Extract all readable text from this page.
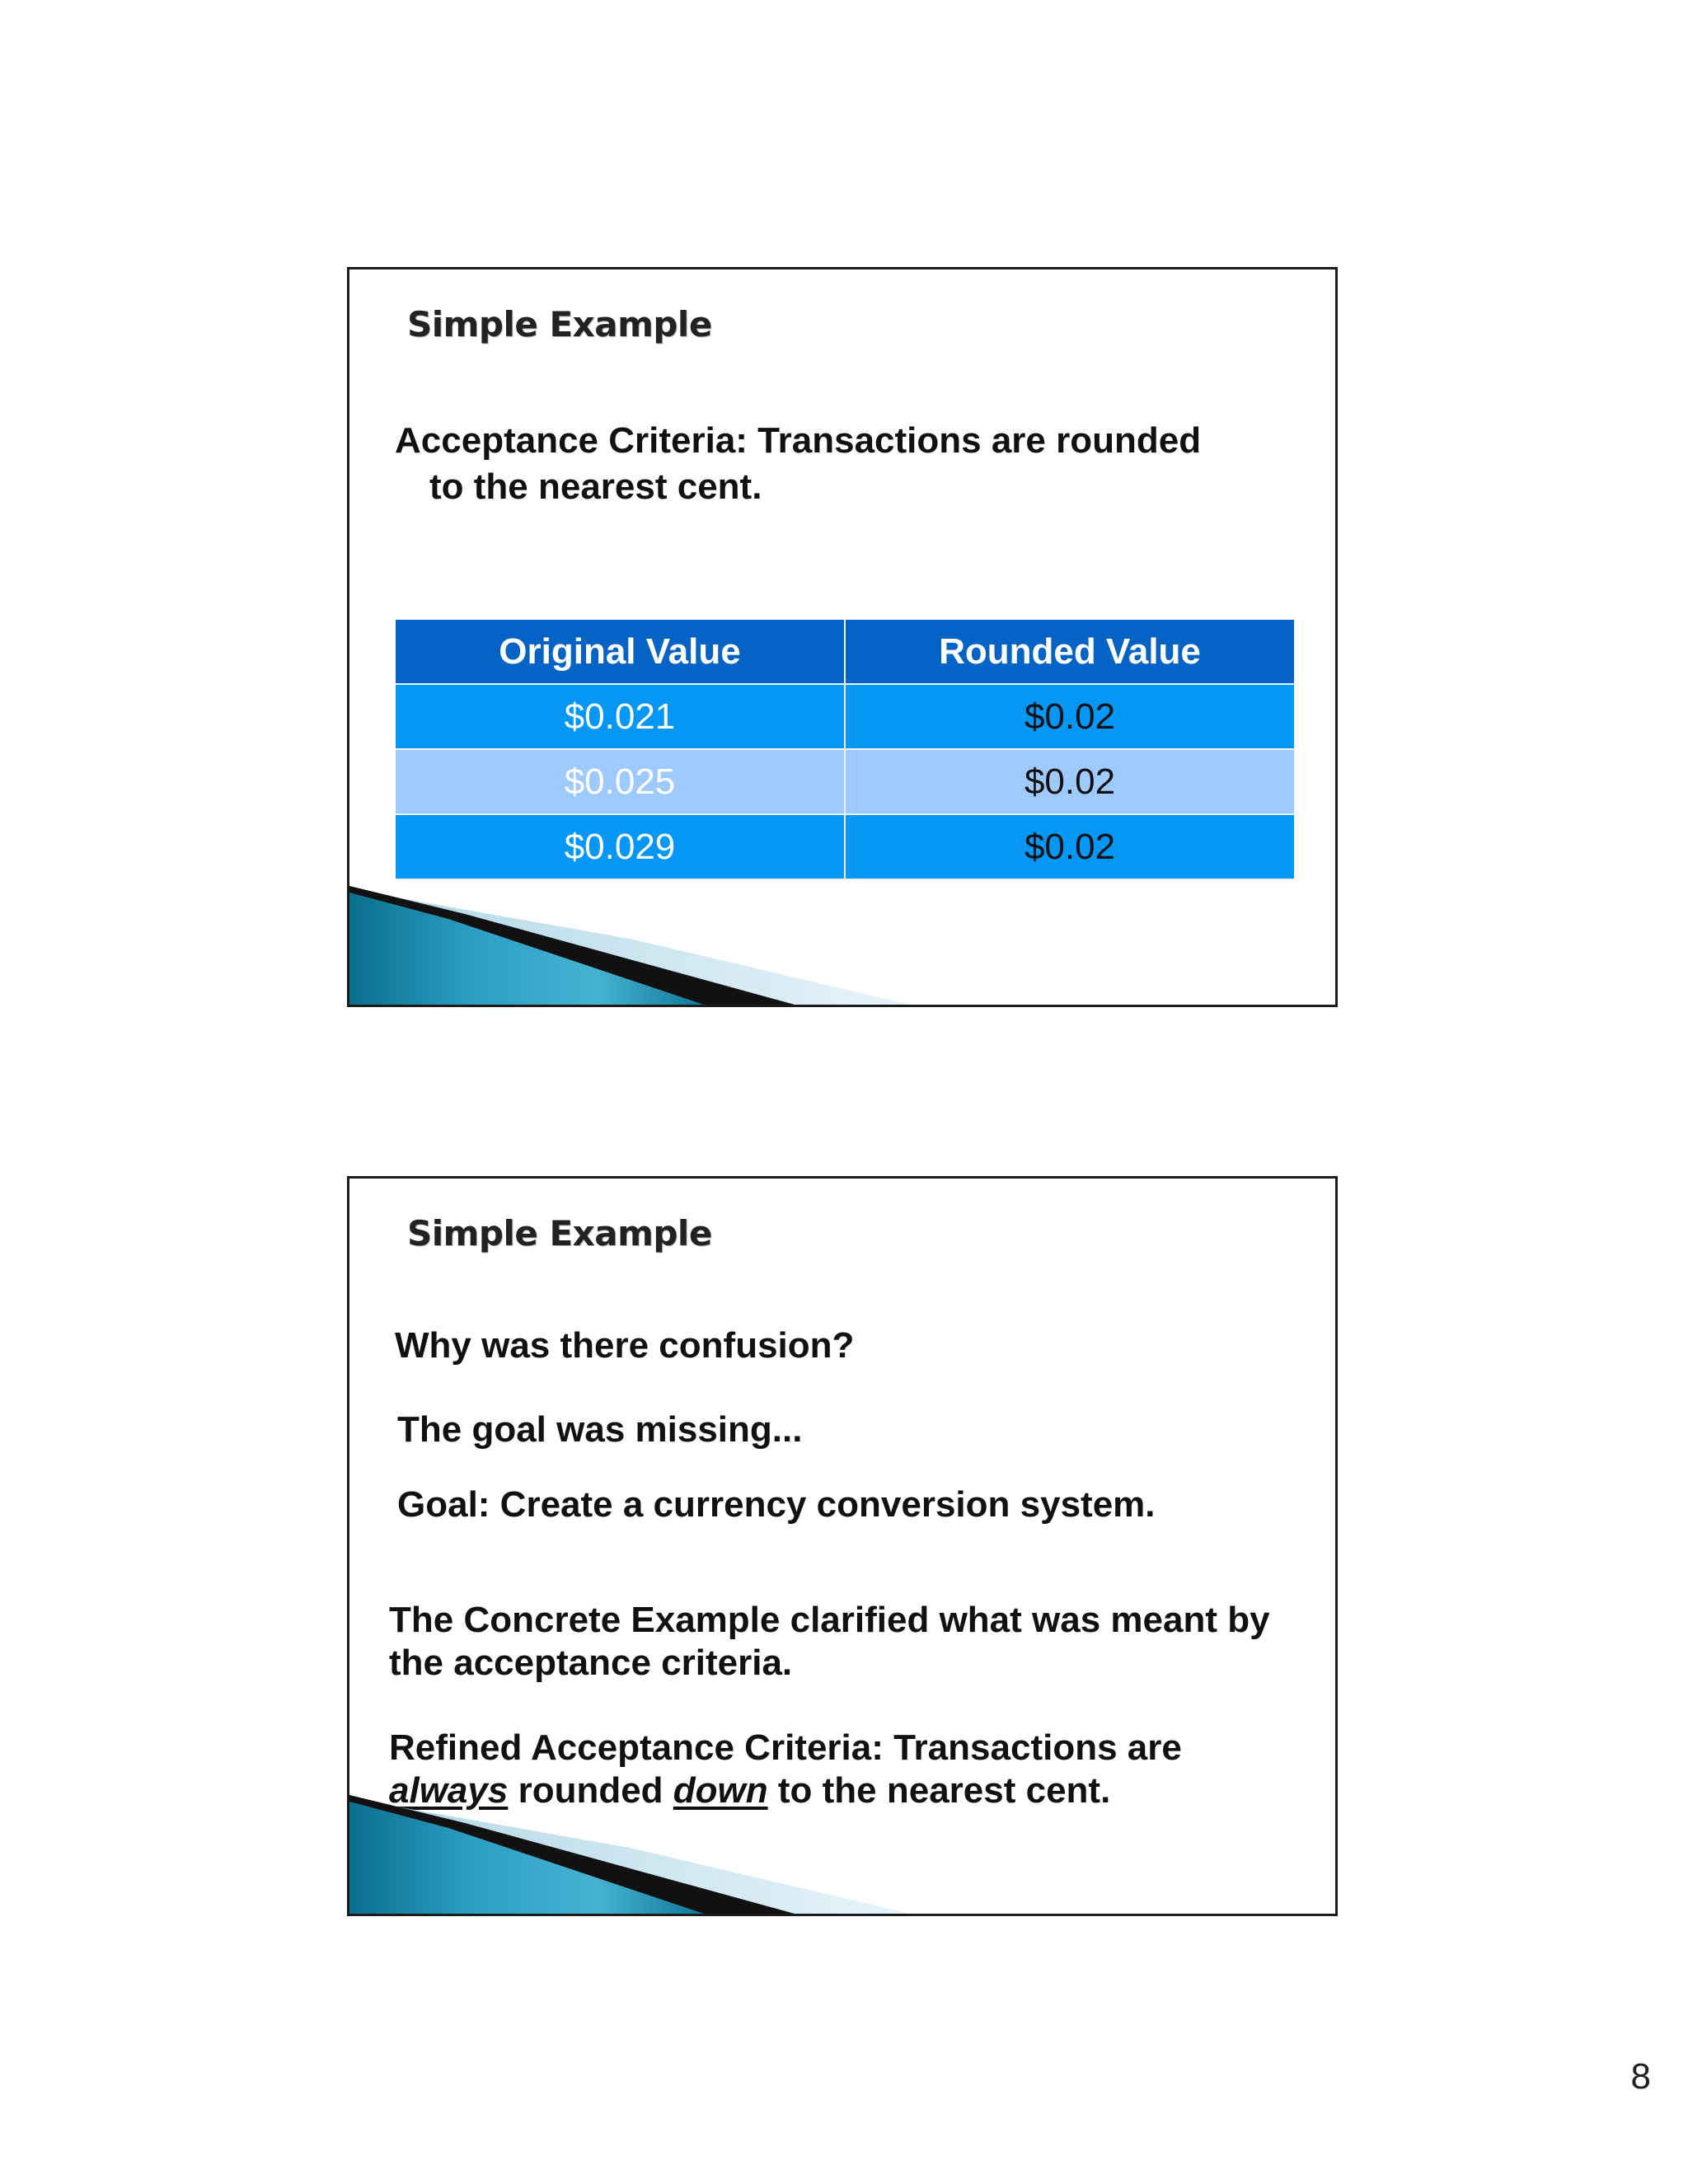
Simple Example

Acceptance Criteria: Transactions are rounded
to the nearest cent.

Original Value	Rounded Value
$0.021	$0.02
$0.025	$0.02
$0.029	$0.02
Simple Example

Why was there confusion?

The goal was missing...

Goal: Create a currency conversion system.

The Concrete Example clarified what was meant by the acceptance criteria.

Refined Acceptance Criteria: Transactions are always rounded down to the nearest cent.

8
